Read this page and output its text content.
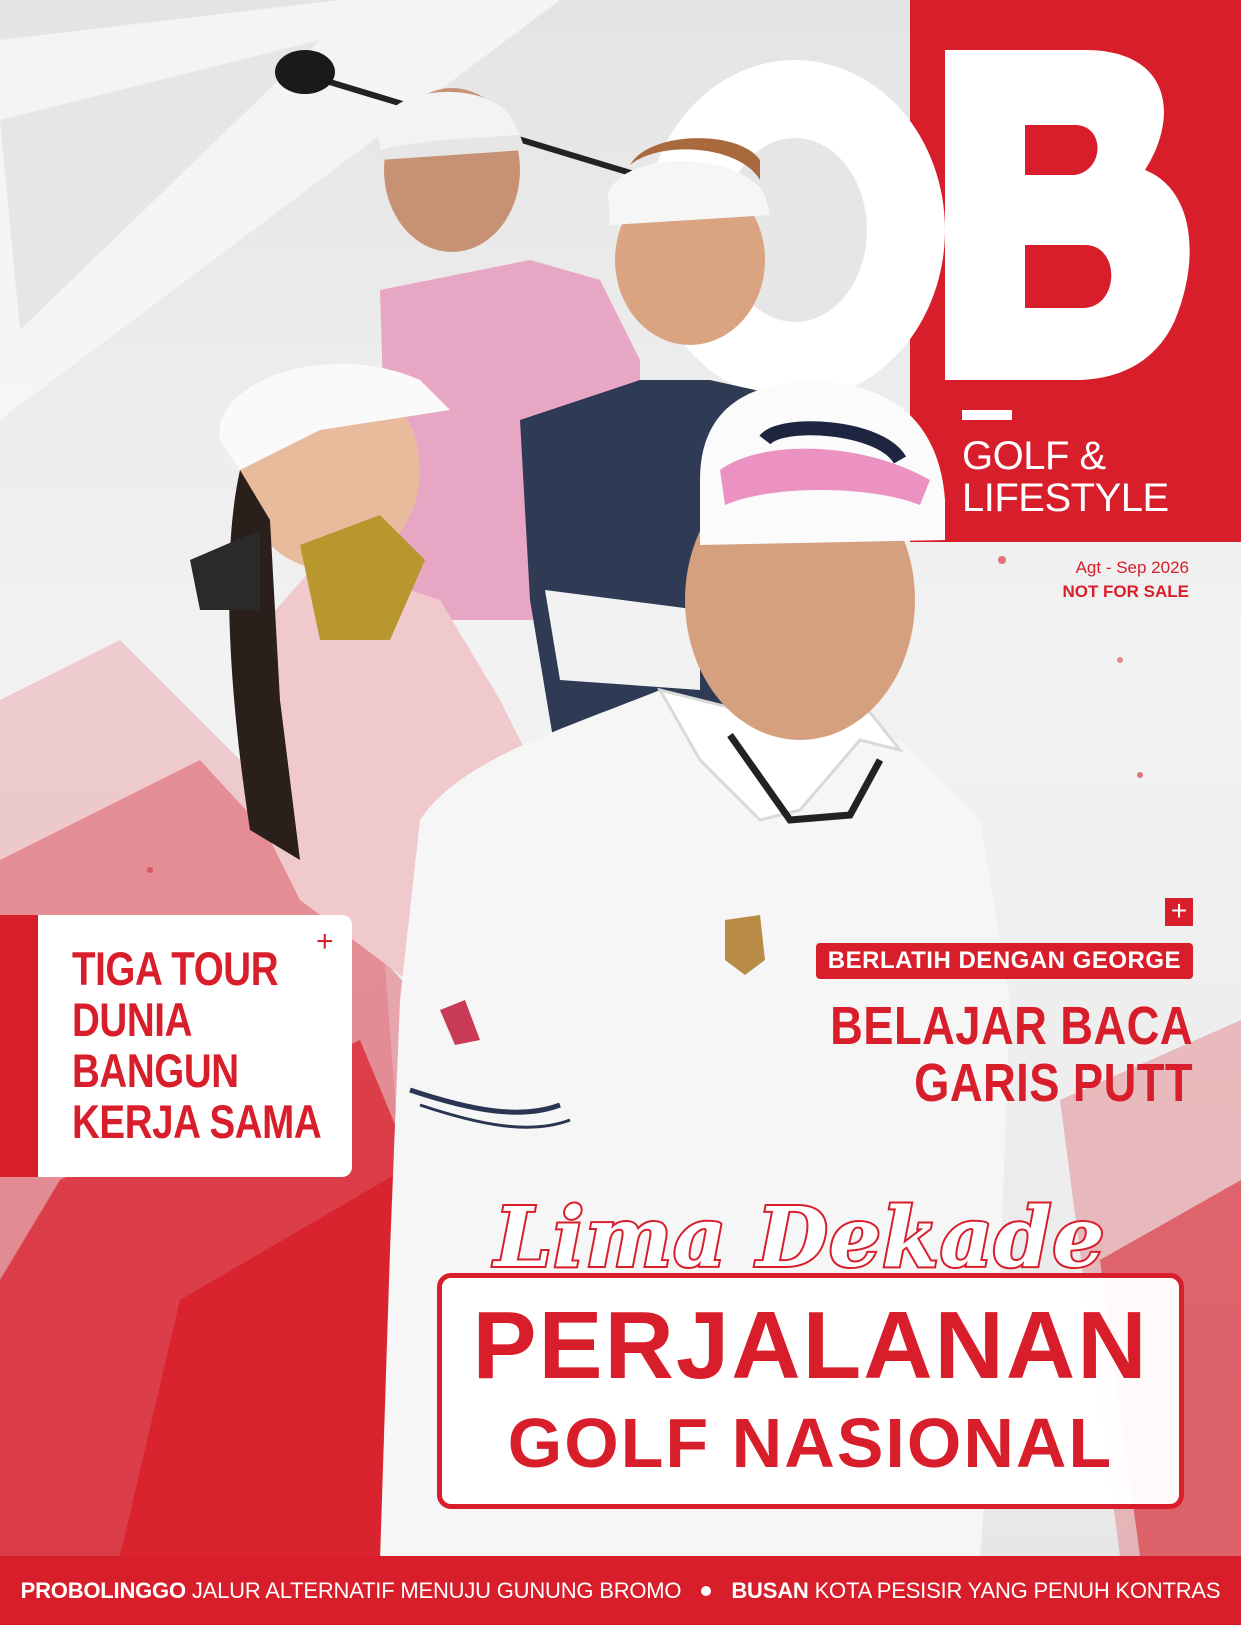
GOLF &
LIFESTYLE
Agt - Sep 2026
NOT FOR SALE
+
TIGA TOUR
DUNIA
BANGUN
KERJA SAMA
+
BERLATIH DENGAN GEORGE
BELAJAR BACA
GARIS PUTT
Lima Dekade
PERJALANAN
GOLF NASIONAL
PROBOLINGGO JALUR ALTERNATIF MENUJU GUNUNG BROMO BUSAN KOTA PESISIR YANG PENUH KONTRAS
